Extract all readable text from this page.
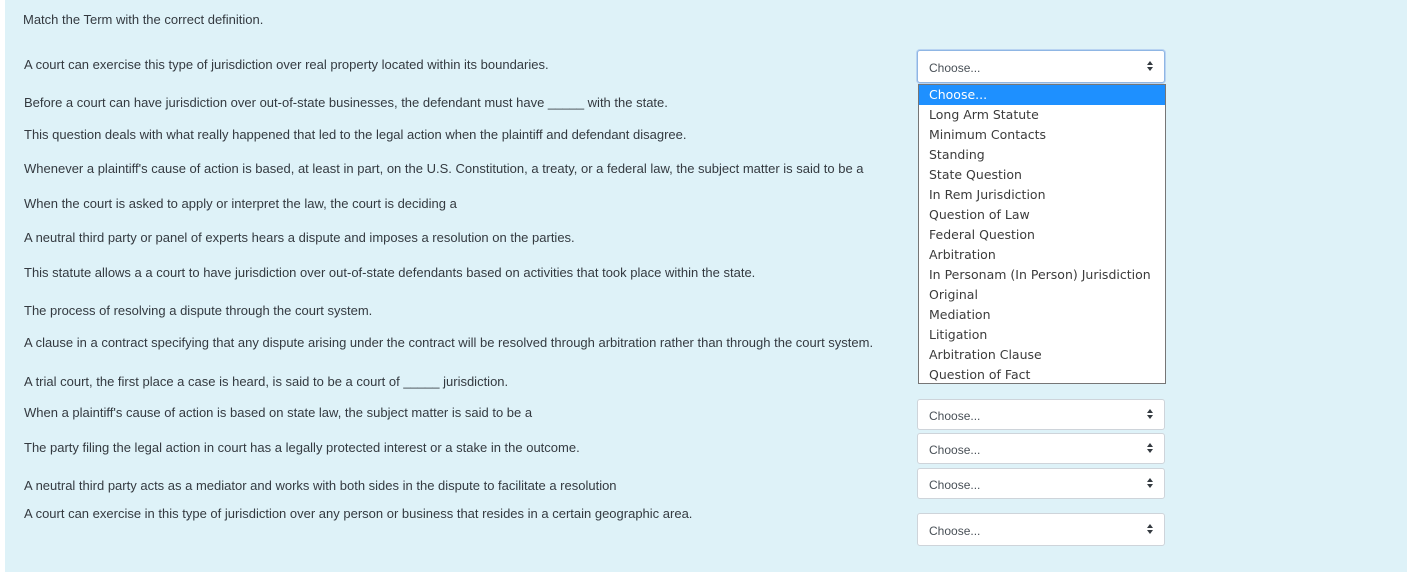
Match the Term with the correct definition.
A court can exercise this type of jurisdiction over real property located within its boundaries.
Before a court can have jurisdiction over out-of-state businesses, the defendant must have _____ with the state.
This question deals with what really happened that led to the legal action when the plaintiff and defendant disagree.
Whenever a plaintiff's cause of action is based, at least in part, on the U.S. Constitution, a treaty, or a federal law, the subject matter is said to be a
When the court is asked to apply or interpret the law, the court is deciding a
A neutral third party or panel of experts hears a dispute and imposes a resolution on the parties.
This statute allows a a court to have jurisdiction over out-of-state defendants based on activities that took place within the state.
The process of resolving a dispute through the court system.
A clause in a contract specifying that any dispute arising under the contract will be resolved through arbitration rather than through the court system.
A trial court, the first place a case is heard, is said to be a court of _____ jurisdiction.
When a plaintiff's cause of action is based on state law, the subject matter is said to be a
The party filing the legal action in court has a legally protected interest or a stake in the outcome.
A neutral third party acts as a mediator and works with both sides in the dispute to facilitate a resolution
A court can exercise in this type of jurisdiction over any person or business that resides in a certain geographic area.
Choose...
Choose...
Choose...
Choose...
Choose...
Choose...
Long Arm Statute
Minimum Contacts
Standing
State Question
In Rem Jurisdiction
Question of Law
Federal Question
Arbitration
In Personam (In Person) Jurisdiction
Original
Mediation
Litigation
Arbitration Clause
Question of Fact
